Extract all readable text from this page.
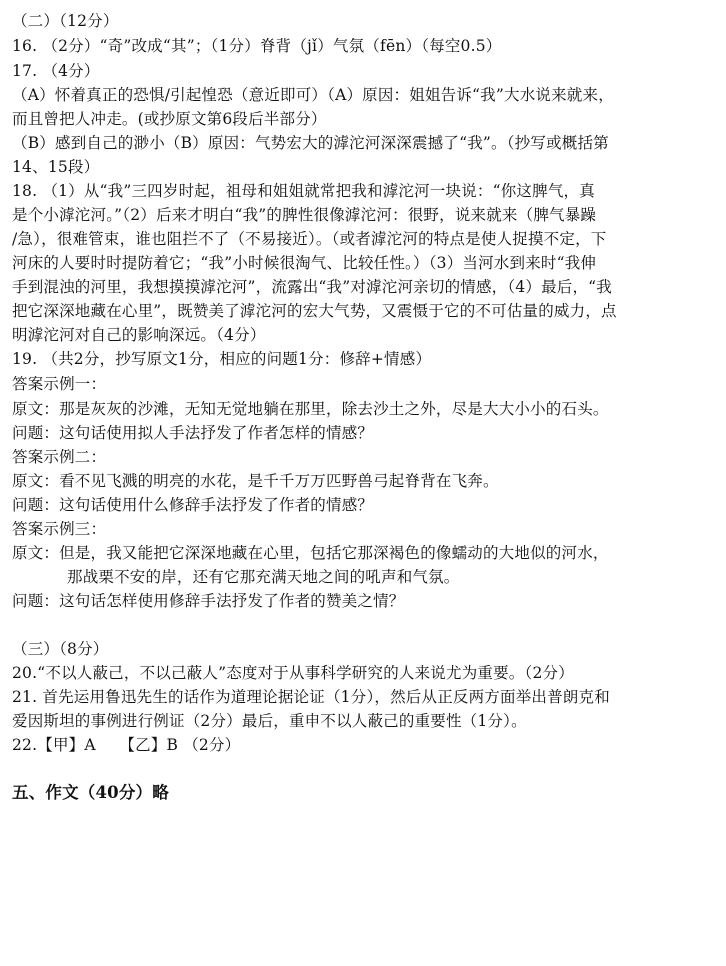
（二）（12分）
16. （2分）“奇”改成“其”；（1分）脊背（jǐ）气氛（fēn）（每空0.5）
17. （4分）
（A）怀着真正的恐惧/引起惶恐（意近即可）（A）原因：姐姐告诉“我”大水说来就来，
而且曾把人冲走。(或抄原文第6段后半部分）
（B）感到自己的渺小（B）原因：气势宏大的滹沱河深深震撼了“我”。（抄写或概括第
14、15段）
18. （1）从“我”三四岁时起，祖母和姐姐就常把我和滹沱河一块说：“你这脾气，真
是个小滹沱河。”（2）后来才明白“我”的脾性很像滹沱河：很野，说来就来（脾气暴躁
/急），很难管束，谁也阻拦不了（不易接近）。（或者滹沱河的特点是使人捉摸不定，下
河床的人要时时提防着它；“我”小时候很淘气、比较任性。）（3）当河水到来时“我伸
手到混浊的河里，我想摸摸滹沱河”，流露出“我”对滹沱河亲切的情感，（4）最后，“我
把它深深地藏在心里”，既赞美了滹沱河的宏大气势，又震慑于它的不可估量的威力，点
明滹沱河对自己的影响深远。（4分）
19. （共2分，抄写原文1分，相应的问题1分：修辞+情感）
答案示例一：
原文：那是灰灰的沙滩，无知无觉地躺在那里，除去沙土之外，尽是大大小小的石头。
问题：这句话使用拟人手法抒发了作者怎样的情感？
答案示例二：
原文：看不见飞溅的明亮的水花，是千千万万匹野兽弓起脊背在飞奔。
问题：这句话使用什么修辞手法抒发了作者的情感？
答案示例三：
原文：但是，我又能把它深深地藏在心里，包括它那深褐色的像蠕动的大地似的河水，
那战栗不安的岸，还有它那充满天地之间的吼声和气氛。
问题：这句话怎样使用修辞手法抒发了作者的赞美之情？
（三）（8分）
20.“不以人蔽己，不以己蔽人”态度对于从事科学研究的人来说尤为重要。（2分）
21. 首先运用鲁迅先生的话作为道理论据论证（1分），然后从正反两方面举出普朗克和
爱因斯坦的事例进行例证（2分）最后，重申不以人蔽己的重要性（1分）。
22.【甲】A　　【乙】B （2分）
五、作文（40分）略
